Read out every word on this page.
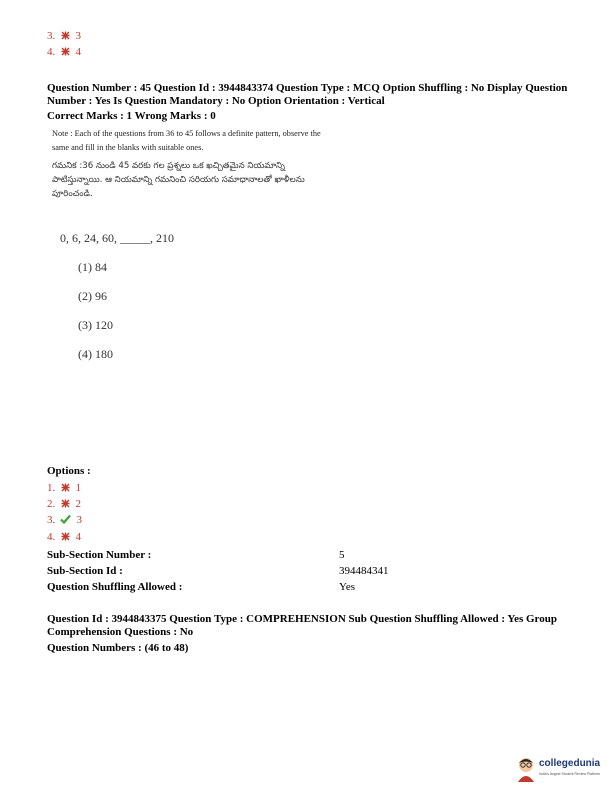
3. 3
4. 4
Question Number : 45 Question Id : 3944843374 Question Type : MCQ Option Shuffling : No Display Question
Number : Yes Is Question Mandatory : No Option Orientation : Vertical
Correct Marks : 1 Wrong Marks : 0
Note : Each of the questions from 36 to 45 follows a definite pattern, observe the
same and fill in the blanks with suitable ones.
గమనిక :36 నుండి 45 వరకు గల ప్రశ్నలు ఒక ఖచ్చితమైన నియమాన్ని
పాటిస్తున్నాయి. ఆ నియమాన్ని గమనించి సరియగు సమాధానాలతో ఖాళీలను
పూరించండి.
0, 6, 24, 60, _____, 210
(1) 84
(2) 96
(3) 120
(4) 180
Options :
1. 1
2. 2
3. 3
4. 4
Sub-Section Number :	5
Sub-Section Id :	394484341
Question Shuffling Allowed :	Yes
Question Id : 3944843375 Question Type : COMPREHENSION Sub Question Shuffling Allowed : Yes Group
Comprehension Questions : No
Question Numbers : (46 to 48)
collegedunia
India's largest Student Review Platform
